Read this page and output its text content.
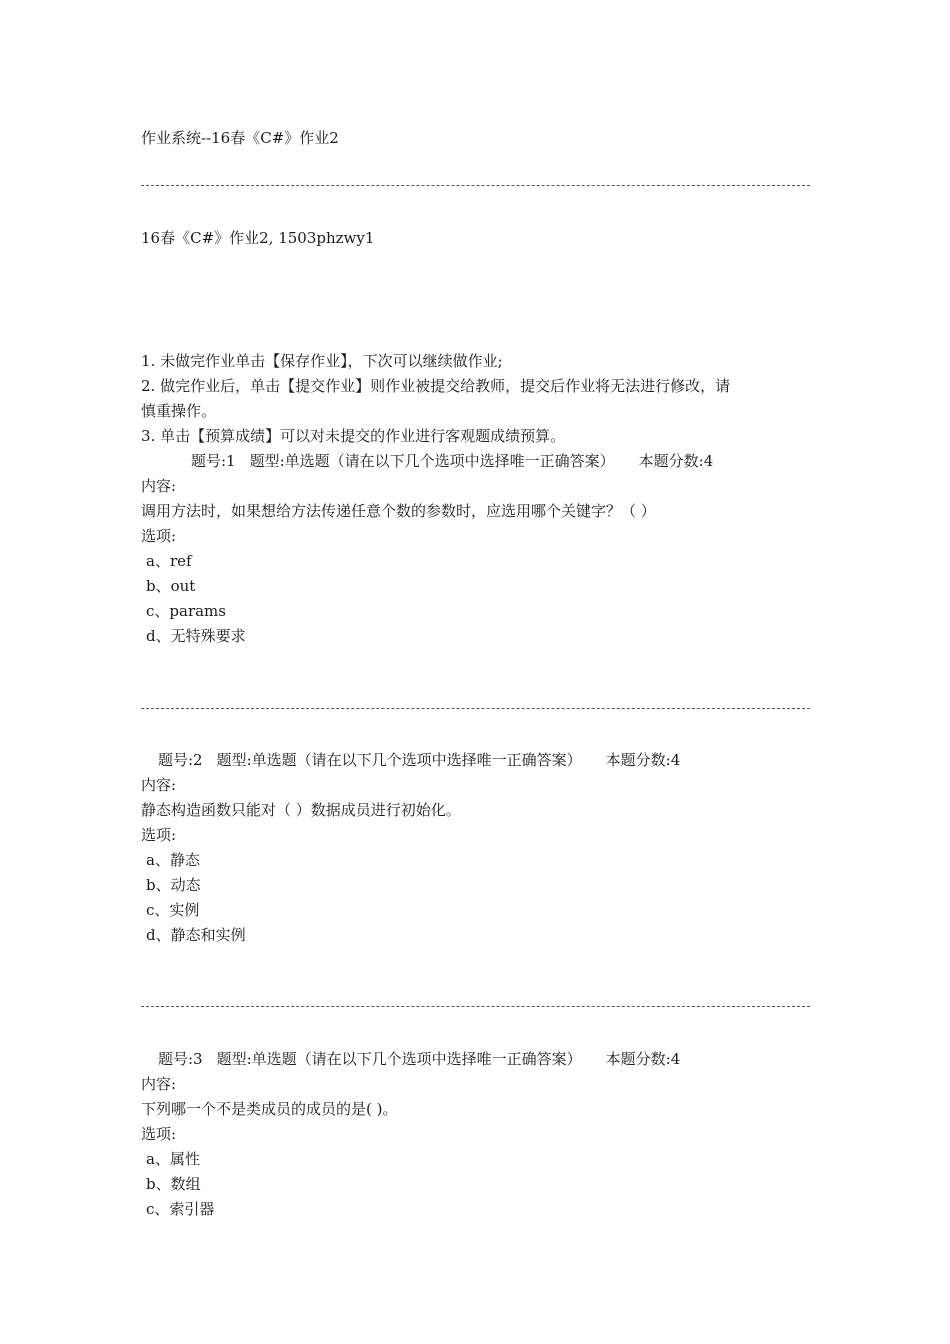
作业系统--16春《C#》作业2
16春《C#》作业2, 1503phzwy1
1. 未做完作业单击【保存作业】，下次可以继续做作业;
2. 做完作业后，单击【提交作业】则作业被提交给教师，提交后作业将无法进行修改，请
慎重操作。
3. 单击【预算成绩】可以对未提交的作业进行客观题成绩预算。
题号:1 题型:单选题（请在以下几个选项中选择唯一正确答案） 本题分数:4
内容:
调用方法时，如果想给方法传递任意个数的参数时，应选用哪个关键字？（ ）
选项:
a、ref
b、out
c、params
d、无特殊要求
题号:2 题型:单选题（请在以下几个选项中选择唯一正确答案） 本题分数:4
内容:
静态构造函数只能对（ ）数据成员进行初始化。
选项:
a、静态
b、动态
c、实例
d、静态和实例
题号:3 题型:单选题（请在以下几个选项中选择唯一正确答案） 本题分数:4
内容:
下列哪一个不是类成员的成员的是( )。
选项:
a、属性
b、数组
c、索引器
